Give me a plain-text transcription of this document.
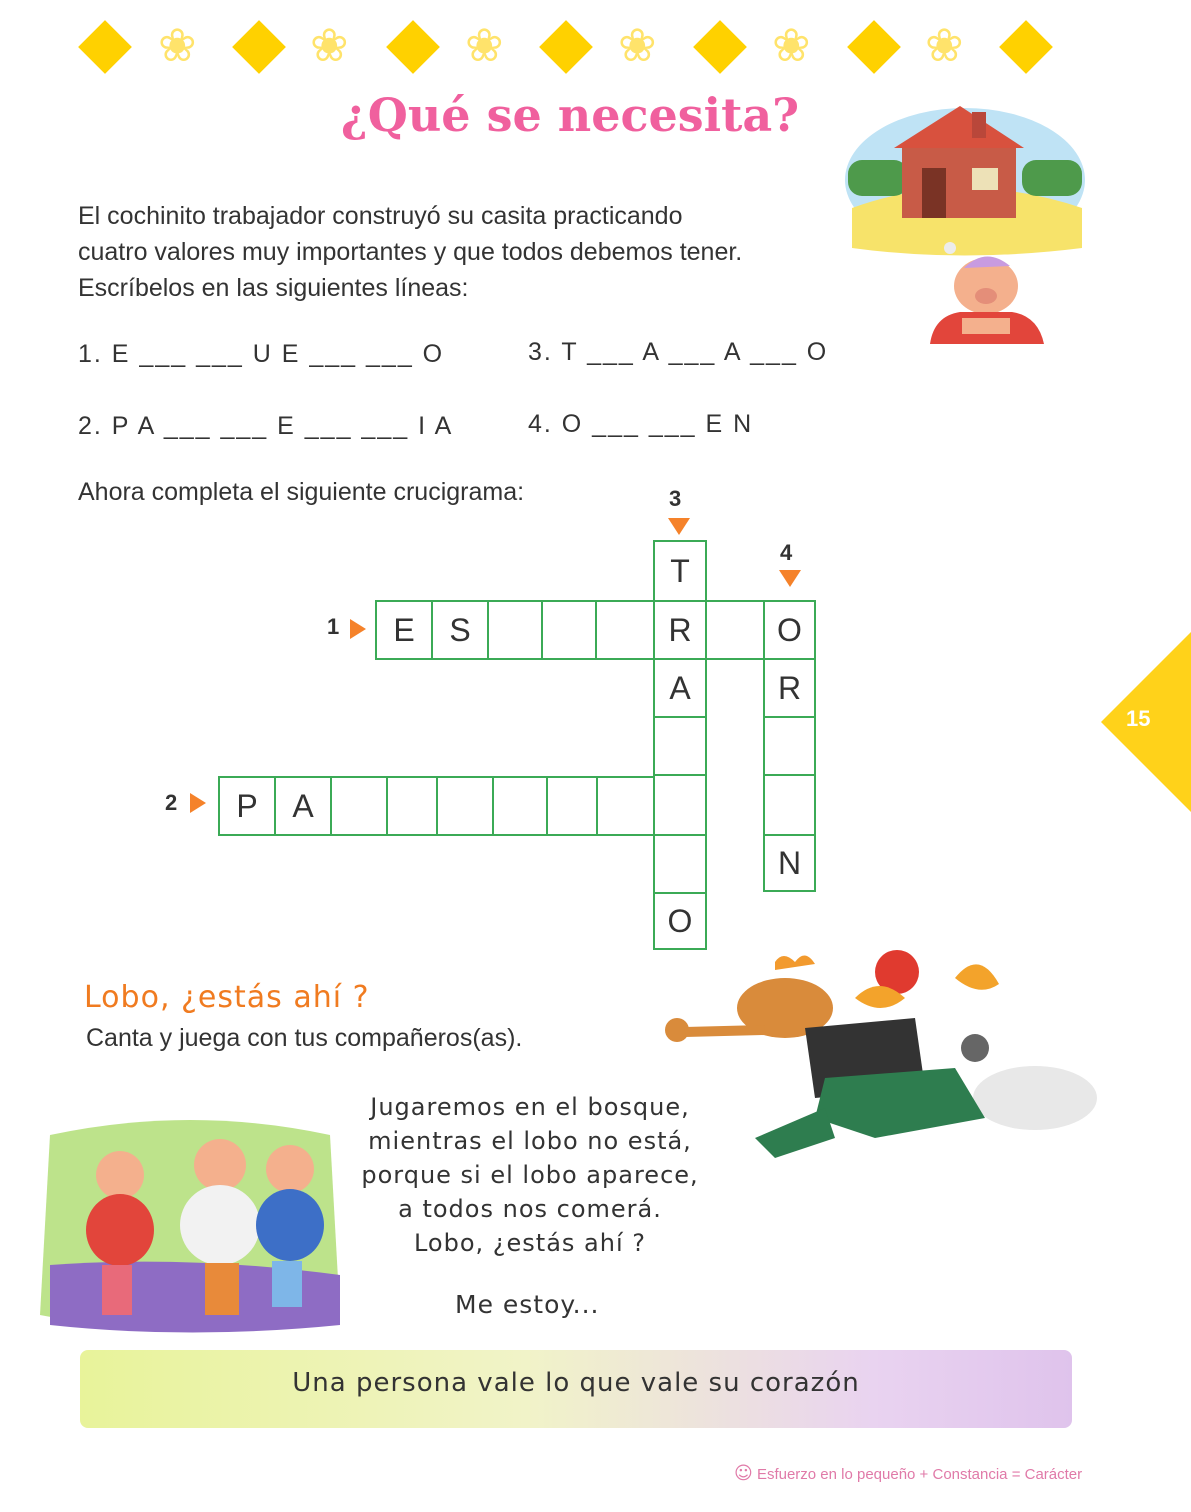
❀ ❀	❀ ❀	❀ ❀
¿Qué se necesita?
El cochinito trabajador construyó su casita practicando
cuatro valores muy importantes y que todos debemos tener.
Escríbelos en las siguientes líneas:
1. E ___ ___ U E ___ ___ O	3. T ___ A ___ A ___ O
2. P A ___ ___ E ___ ___ I A	4. O ___ ___ E N
Ahora completa el siguiente crucigrama:	3
4
1
2
E	S	R	O
T
A
O
R
N
P	A
15
Lobo, ¿estás ahí ?
Canta y juega con tus compañeros(as).
Jugaremos en el bosque,
mientras el lobo no está,
porque si el lobo aparece,
a todos nos comerá.
Lobo, ¿estás ahí ?
Me estoy...
Una persona vale lo que vale su corazón
☺ Esfuerzo en lo pequeño + Constancia = Carácter
